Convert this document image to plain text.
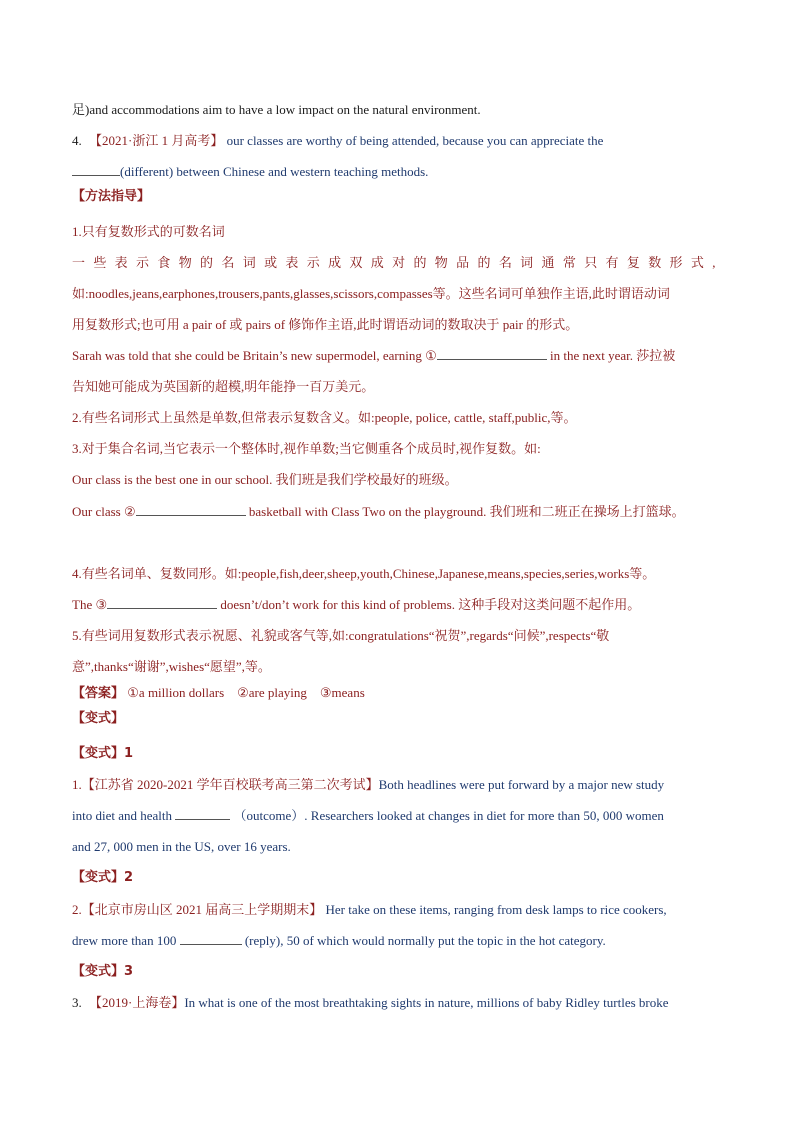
足)and accommodations aim to have a low impact on the natural environment.
4. 【2021·浙江 1 月高考】 our classes are worthy of being attended, because you can appreciate the
(different) between Chinese and western teaching methods.
【方法指导】
1.只有复数形式的可数名词
一些表示食物的名词或表示成双成对的物品的名词通常只有复数形式,
如:noodles,jeans,earphones,trousers,pants,glasses,scissors,compasses等。这些名词可单独作主语,此时谓语动词
用复数形式;也可用 a pair of 或 pairs of 修饰作主语,此时谓语动词的数取决于 pair 的形式。
Sarah was told that she could be Britain’s new supermodel, earning ①	in the next year. 莎拉被
告知她可能成为英国新的超模,明年能挣一百万美元。
2.有些名词形式上虽然是单数,但常表示复数含义。如:people, police, cattle, staff,public,等。
3.对于集合名词,当它表示一个整体时,视作单数;当它侧重各个成员时,视作复数。如:
Our class is the best one in our school. 我们班是我们学校最好的班级。
Our class ②	basketball with Class Two on the playground. 我们班和二班正在操场上打篮球。
4.有些名词单、复数同形。如:people,fish,deer,sheep,youth,Chinese,Japanese,means,species,series,works等。
The ③	doesn’t/don’t work for this kind of problems. 这种手段对这类问题不起作用。
5.有些词用复数形式表示祝愿、礼貌或客气等,如:congratulations“祝贺”,regards“问候”,respects“敬
意”,thanks“谢谢”,wishes“愿望”,等。
【答案】 ①a million dollars    ②are playing    ③means
【变式】
【变式】1
1.【江苏省 2020-2021 学年百校联考高三第二次考试】Both headlines were put forward by a major new study
into diet and health	（outcome）. Researchers looked at changes in diet for more than 50, 000 women
and 27, 000 men in the US, over 16 years.
【变式】2
2.【北京市房山区 2021 届高三上学期期末】 Her take on these items, ranging from desk lamps to rice cookers,
drew more than 100	(reply), 50 of which would normally put the topic in the hot category.
【变式】3
3. 【2019·上海卷】In what is one of the most breathtaking sights in nature, millions of baby Ridley turtles broke
